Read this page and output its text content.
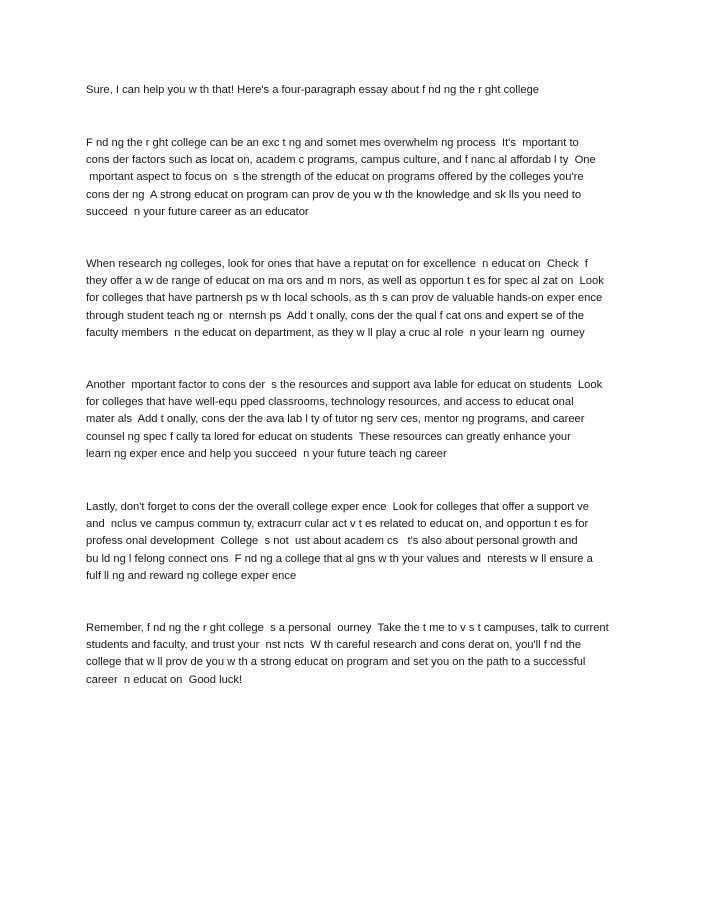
Sure, I can help you w th that! Here's a four-paragraph essay about f nd ng the r ght college

F nd ng the r ght college can be an exc t ng and somet mes overwhelm ng process  It's  mportant to
cons der factors such as locat on, academ c programs, campus culture, and f nanc al affordab l ty  One
mportant aspect to focus on  s the strength of the educat on programs offered by the colleges you're
cons der ng  A strong educat on program can prov de you w th the knowledge and sk lls you need to
succeed  n your future career as an educator

When research ng colleges, look for ones that have a reputat on for excellence  n educat on  Check  f
they offer a w de range of educat on ma ors and m nors, as well as opportun t es for spec al zat on  Look
for colleges that have partnersh ps w th local schools, as th s can prov de valuable hands-on exper ence
through student teach ng or  nternsh ps  Add t onally, cons der the qual f cat ons and expert se of the
faculty members  n the educat on department, as they w ll play a cruc al role  n your learn ng  ourney

Another  mportant factor to cons der  s the resources and support ava lable for educat on students  Look
for colleges that have well-equ pped classrooms, technology resources, and access to educat onal
mater als  Add t onally, cons der the ava lab l ty of tutor ng serv ces, mentor ng programs, and career
counsel ng spec f cally ta lored for educat on students  These resources can greatly enhance your
learn ng exper ence and help you succeed  n your future teach ng career

Lastly, don't forget to cons der the overall college exper ence  Look for colleges that offer a support ve
and  nclus ve campus commun ty, extracurr cular act v t es related to educat on, and opportun t es for
profess onal development  College  s not  ust about academ cs   t's also about personal growth and
bu ld ng l felong connect ons  F nd ng a college that al gns w th your values and  nterests w ll ensure a
fulf ll ng and reward ng college exper ence

Remember, f nd ng the r ght college  s a personal  ourney  Take the t me to v s t campuses, talk to current
students and faculty, and trust your  nst ncts  W th careful research and cons derat on, you'll f nd the
college that w ll prov de you w th a strong educat on program and set you on the path to a successful
career  n educat on  Good luck!
